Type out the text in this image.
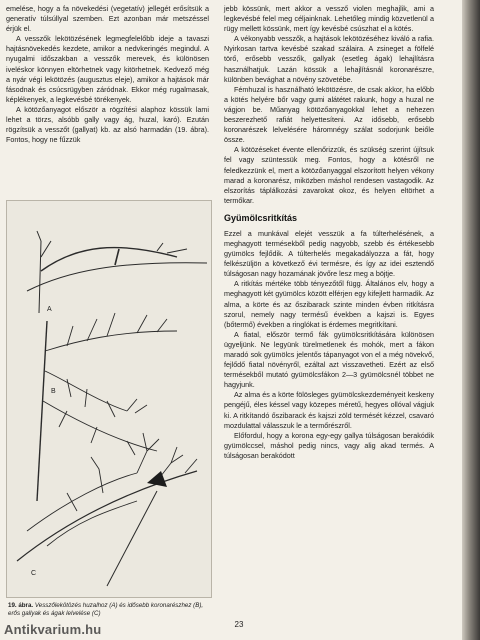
emelése, hogy a fa növekedési (vegetatív) jellegét erősítsük a generatív túlsúllyal szemben. Ezt azonban már metszéssel érjük el.

A vesszők lekötözésének legmegfelelőbb ideje a tavaszi hajtásnövekedés kezdete, amikor a nedvkeringés megindul. A nyugalmi időszakban a vesszők merevek, és különösen iveléskor könnyen eltörhetnek vagy kitörhetnek. Kedvező még a nyár végi lekötözés (augusztus eleje), amikor a hajtások már fásodnak és csúcsrügyben záródnak. Ekkor még rugalmasak, képlékenyek, a legkevésbé törékenyek.

A kötözőanyagot először a rögzítési alaphoz kössük lami lehet a törzs, alsóbb gally vagy ág, huzal, karó). Ezután rögzítsük a vesszőt (gallyat) kb. az alsó harmadán (19. ábra). Fontos, hogy ne fűzzük

A
B
C
19. ábra. Vesszőlekötözés huzalhoz (A) és idősebb koronarészhez (B), erős gallyak és ágak lelvelése (C)

jebb kössünk, mert akkor a vessző violen meghajlik, ami a legkevésbé felel meg céljainknak. Lehetőleg mindig közvetlenül a rügy mellett kössünk, mert így kevésbé csúszhat el a kötés.

A vékonyabb vesszők, a hajtások lekötözéséhez kiváló a rafia. Nyirkosan tartva kevésbé szakad szálaira. A zsineget a fölfelé törő, erősebb vesszők, gallyak (esetleg ágak) lehajlításra használhatjuk. Lazán kössük a lehajlításnál koronarészre, különben bevághat a növény szövetébe.

Fémhuzal is használható lekötözésre, de csak akkor, ha előbb a kötés helyére bőr vagy gumi alátétet rakunk, hogy a huzal ne vágjon be. Műanyag kötözőanyagokkal lehet a nehezen beszerezhető rafiát helyettesíteni. Az idősebb, erősebb koronarészek lelvelésére háromnégy szálat sodorjunk beiőle össze.

A kötözéseket évente ellenőrizzük, és szükség szerint újítsuk fel vagy szüntessük meg. Fontos, hogy a kötésről ne feledkezzünk el, mert a kötözőanyaggal elszorított helyen vékony marad a koronarész, miközben máshol rendesen vastagodik. Az elszorítás táplálkozási zavarokat okoz, és helyen eltörhet a termőkar.

Gyümölcsritkítás

Ezzel a munkával elejét vesszük a fa túlterhelésének, a meghagyott termésekből pedig nagyobb, szebb és értékesebb gyümölcs fejlődik. A túlterhelés megakadályozza a fát, hogy felkészüljön a következő évi termésre, és így az idei esztendő túlságosan nagy hozamának jövőre lesz meg a böjtje.

A ritkítás mértéke több tényezőtől függ. Általános elv, hogy a meghagyott két gyümölcs között elférjen egy kifejlett harmadik. Az alma, a körte és az őszibarack szinte minden évben ritkításra szorul, nemely nagy termésű években a kajszi is. Egyes (bőtermő) években a ringlókat is érdemes megritkítani.

A fiatal, először termő fák gyümölcsritkítására különösen ügyeljünk. Ne legyünk türelmetlenek és mohók, mert a fákon maradó sok gyümölcs jelentős tápanyagot von el a még növekvő, fejlődő fiatal növényről, ezáltal azt visszavetheti. Ezért az első termésekből mutató gyümölcsfákon 2—3 gyümölcsnél többet ne hagyjunk.

Az alma és a körte fölösleges gyümölcskezdeményeit keskeny pengéjű, éles késsel vagy közepes méretű, hegyes ollóval vágjuk ki. A ritkítandó őszibarack és kajszi zöld termését kézzel, csavaró mozdulattal válasszuk le a termőrészről.

Előfordul, hogy a korona egy-egy gallya túlságosan berakódik gyümölccsel, máshol pedig nincs, vagy alig akad termés. A túlságosan berakódott

23
Antikvarium.hu
